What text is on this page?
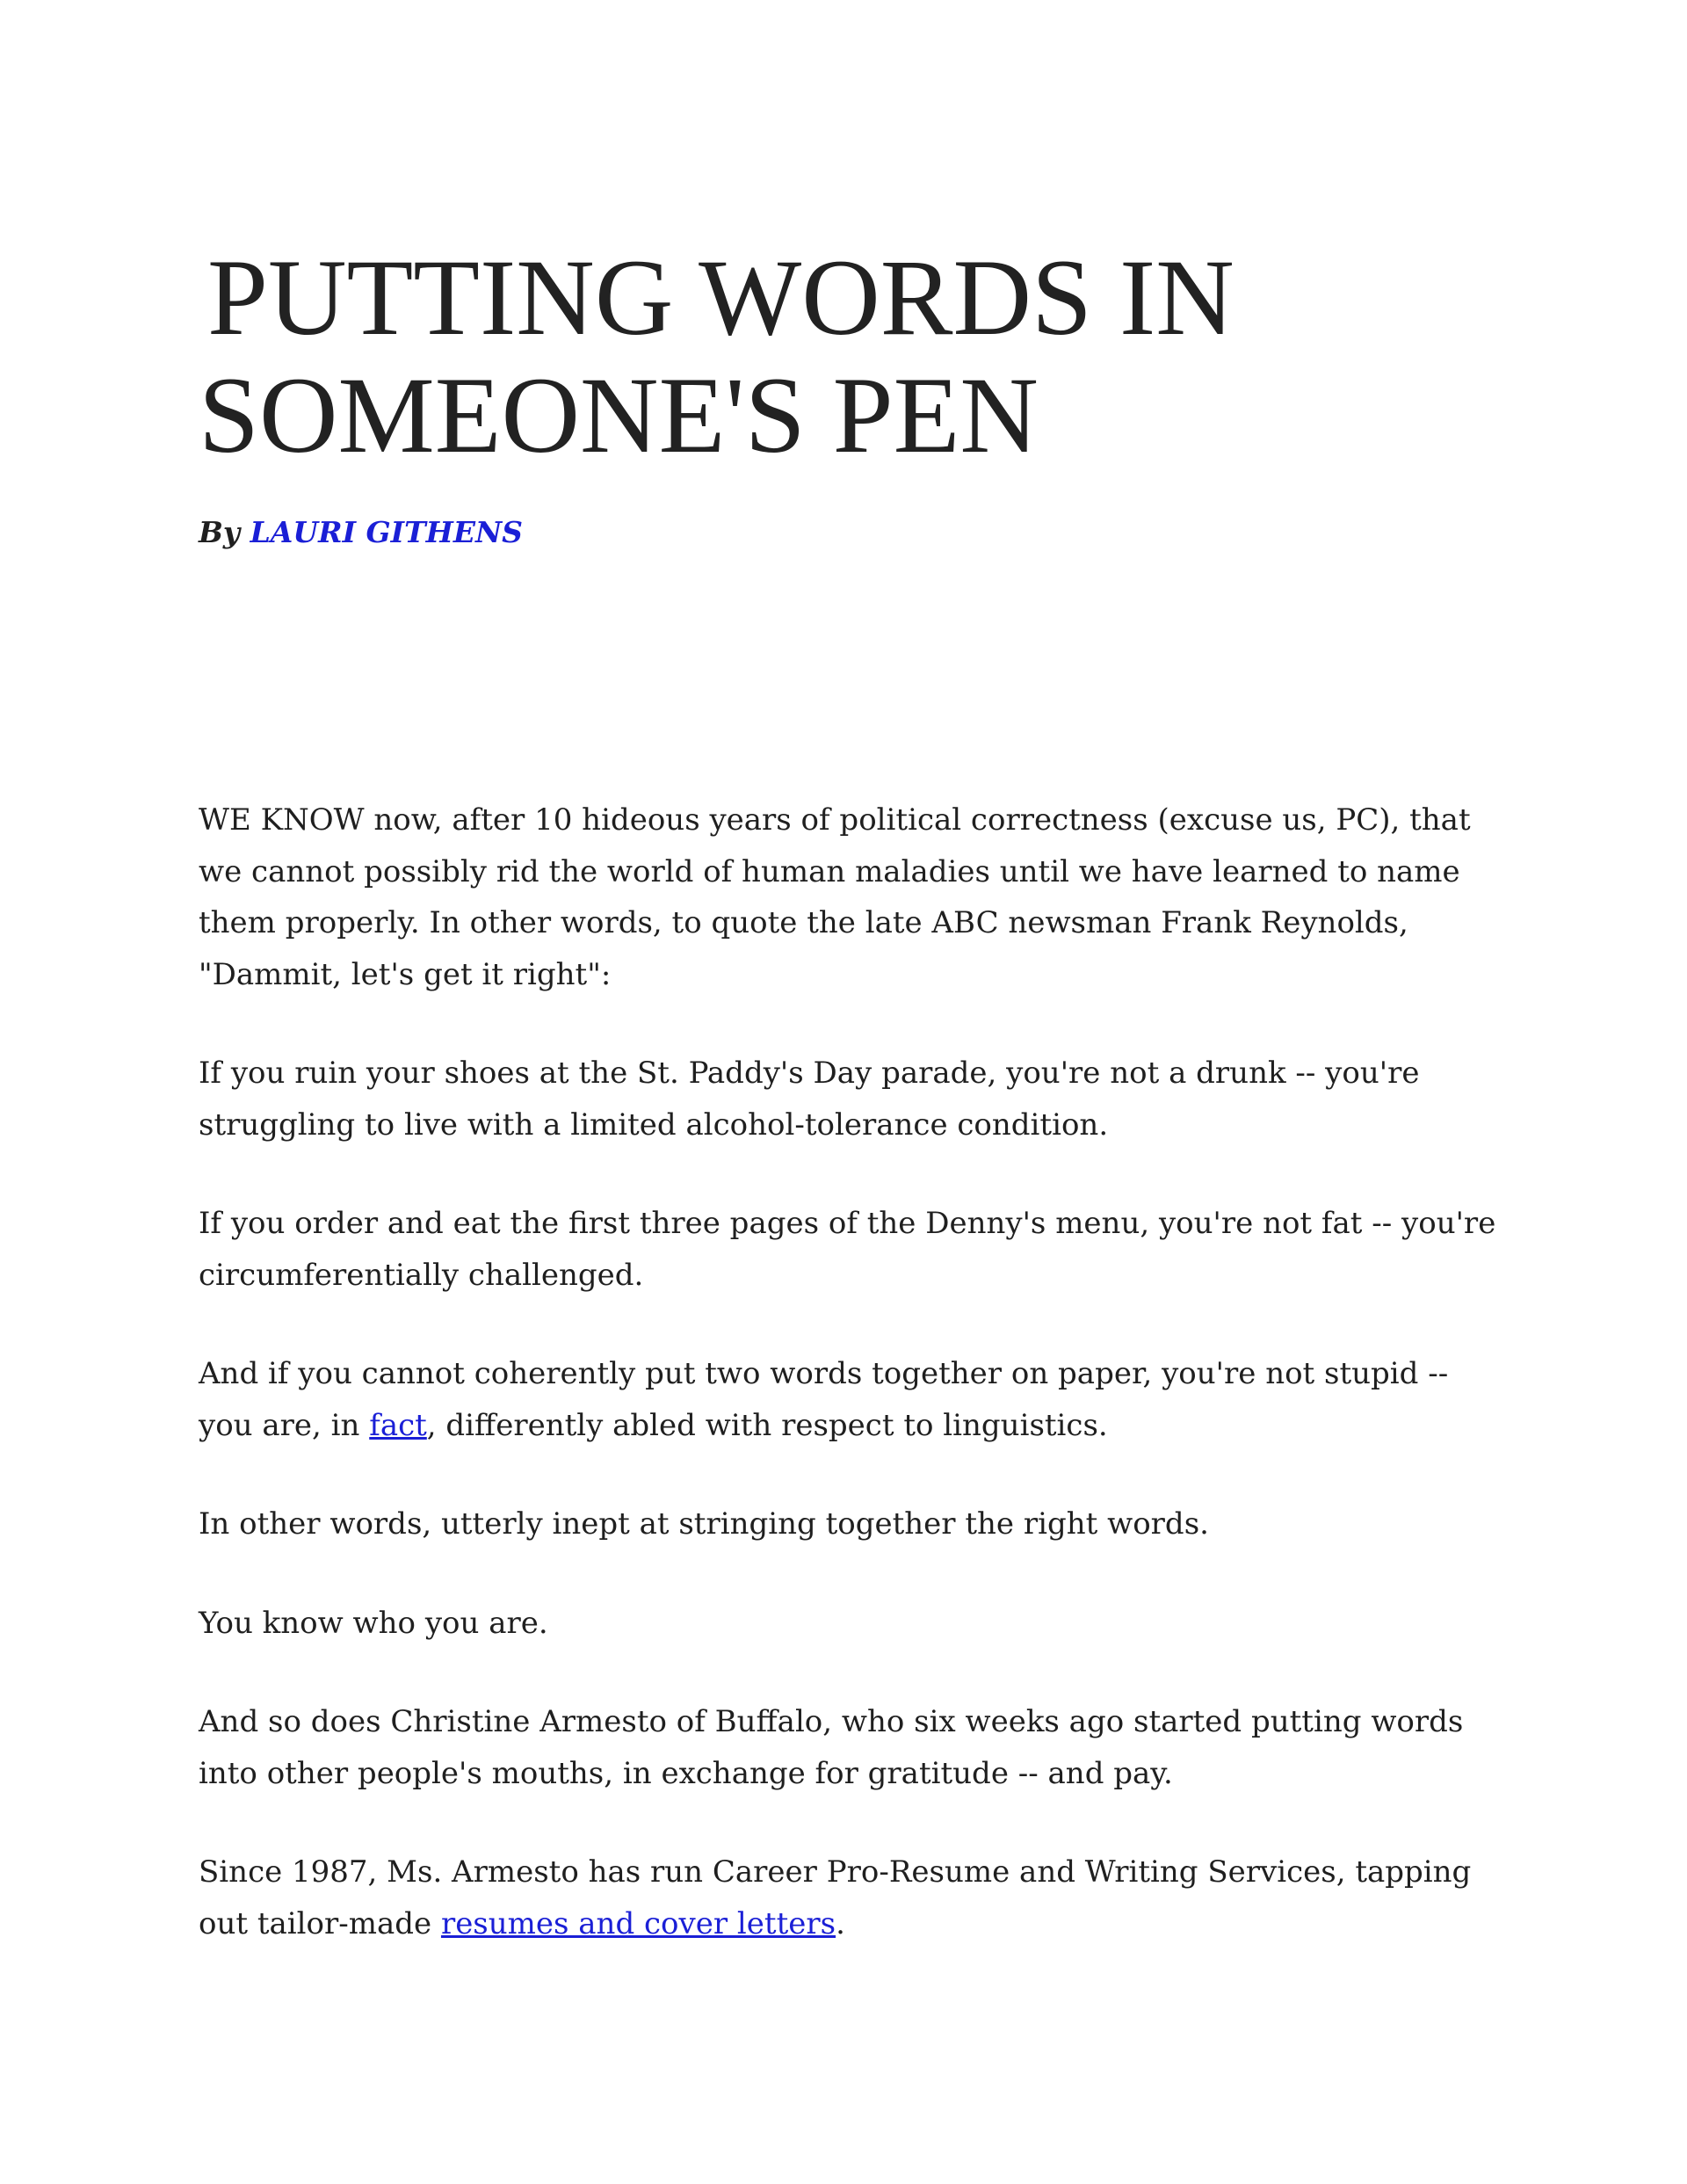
PUTTING WORDS IN
SOMEONE'S PEN

By LAURI GITHENS

WE KNOW now, after 10 hideous years of political correctness (excuse us, PC), that we cannot possibly rid the world of human maladies until we have learned to name them properly. In other words, to quote the late ABC newsman Frank Reynolds, "Dammit, let's get it right":

If you ruin your shoes at the St. Paddy's Day parade, you're not a drunk -- you're struggling to live with a limited alcohol-tolerance condition.

If you order and eat the first three pages of the Denny's menu, you're not fat -- you're circumferentially challenged.

And if you cannot coherently put two words together on paper, you're not stupid -- you are, in fact, differently abled with respect to linguistics.

In other words, utterly inept at stringing together the right words.

You know who you are.

And so does Christine Armesto of Buffalo, who six weeks ago started putting words into other people's mouths, in exchange for gratitude -- and pay.

Since 1987, Ms. Armesto has run Career Pro-Resume and Writing Services, tapping out tailor-made resumes and cover letters.
